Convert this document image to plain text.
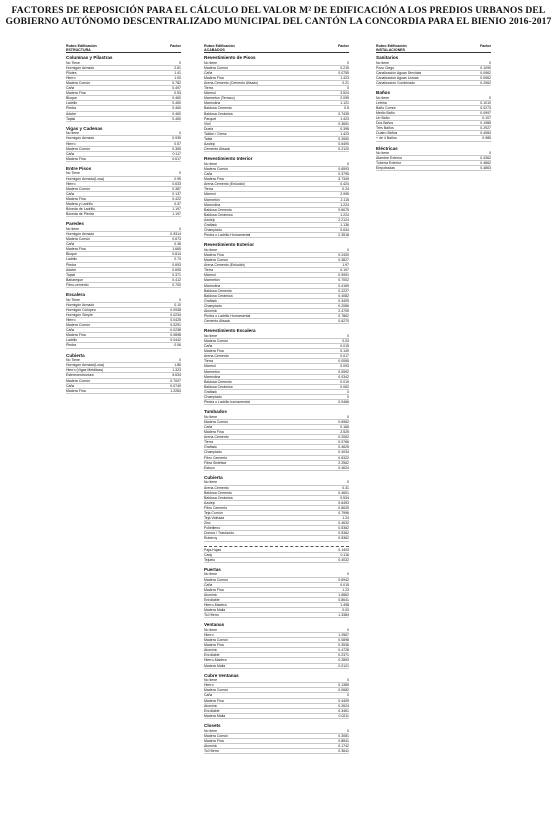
FACTORES DE REPOSICIÓN PARA EL CÁLCULO DEL VALOR M² DE EDIFICACIÓN A LOS PREDIOS URBANOS DEL GOBIERNO AUTÓNOMO DESCENTRALIZADO MUNICIPAL DEL CANTÓN LA CONCORDIA PARA EL BIENIO 2016-2017
Rubro Edificación
ESTRUCTURA
Factor
Columnas y Pilastras
No Tiene	0
Hormigón Armado	2.81
Pilotes	1.41
Hierro	1.00
Madera Común	0.782
Caña	0.497
Madera Fina	0.53
Bloque	0.460
Ladrillo	0.460
Piedra	0.460
Adobe	0.460
Tapial	0.460
Vigas y Cadenas
No tiene	0
Hormigón Armado	0.935
Hierro	0.57
Madera Común	0.369
Caña	0.117
Madera Fina	0.617
Entre Pisos
No Tiene	0
Hormigón Armado(Losa)	0.95
Hierro	0.633
Madera Común	0.387
Caña	0.137
Madera Fina	0.422
Madera y Ladrillo	0.37
Bóveda de Ladrillo	1.197
Bóveda de Piedra	1.197
Paredes
No tiene	0
Hormigón Armado	0.9314
Madera Común	0.673
Caña	0.36
Madera Fina	1.665
Bloque	0.814
Ladrillo	0.73
Piedra	0.693
Adobe	0.605
Tapial	0.371
Bahareque	0.412
Fibro-cemento	0.700
Escalera
No Tiene	0
Hormigón Armado	0.10
Hormigón Ciclópeo	0.0938
Hormigón Simple	0.0234
Hierro	0.0425
Madera Común	0.0291
Caña	0.0238
Madera Fina	0.0898
Ladrillo	0.0442
Piedra	0.06
Cubierta
No Tiene	0
Hormigón Armado(Losa)	1.86
Hierro (Vigas Metálicas)	1.323
Estereoestructura	5.634
Madera Común	0.7007
Caña	0.0749
Madera Fina	1.2284
Rubro Edificación
ACABADOS
Factor
Revestimiento de Pisos
No tiene	0
Madera Común	0.215
Caña	0.0755
Madera Fina	1.423
Arena-Cemento (Cemento Alisado)	0.21
Tierra	0
Mármol	3.524
Marmeton (Terrazo)	2.095
Marmolina	1.121
Baldosa Cemento	0.5
Baldosa Cerámica	0.7435
Parquet	1.423
Vinil	0.3651
Duela	0.398
Tablón / Gress	1.423
Tabla	0.2650
Azulejo	0.6490
Cemento Alisado	0.2120
Revestimiento Interior
No tiene	0
Madera Común	0.6593
Caña	0.3795
Madera Fina	3.7349
Arena-Cemento (Enlucido)	0.424
Tierra	0.24
Mármol	2.995
Marmetón	2.115
Marmolina	1.224
Baldosa Cemento	0.6675
Baldosa Cerámica	1.224
Azulejo	2.2124
Grafiado	1.136
Champiado	0.634
Piedra o Ladrillo Hornamental	2.3518
Revestimiento Exterior
No tiene	0
Madera Fina	0.2400
Madera Común	0.3827
Arena-Cemento (Enlucido)	1.97
Tierra	0.197
Mármol	0.9991
Marmetón	0.7002
Marmolina	0.4169
Baldosa Cemento	0.2227
Baldosa Cerámica	0.4082
Grafiado	0.3409
Champiado	0.2086
Aluminio	2.4705
Piedra o Ladrillo Hornamental	0.7862
Cemento Alisado	0.6270
Revestimiento Escalera
No tiene	0
Madera Común	0.03
Caña	0.015
Madera Fina	0.149
Arena-Cemento	0.017
Tierra	0.0065
Mármol	0.093
Marmetón	0.0592
Marmolina	0.0342
Baldosa Cemento	0.019
Baldosa Cerámica	0.062
Grafiado	0
Champiado	0
Piedra o Ladrillo hornamental	0.0466
Tumbados
No tiene	0
Madera Común	0.6962
Caña	0.166
Madera Fina	2.525
Arena-Cemento	0.2062
Tierra	0.0766
Grafiado	0.4625
Champiado	0.4034
Fibro Cemento	0.6322
Fibra Sintética	2.2562
Estuco	0.4624
Cubierta
No tiene	0
Arena-Cemento	0.31
Baldosa Cemento	0.4601
Baldosa Cerámica	0.534
Azulejo	0.6453
Fibro Cemento	0.6625
Teja Común	0.7996
Teja Vidriada	1.24
Zinc	0.4632
Polietileno	0.5362
Domos / Traslúcido	0.5362
Ruberoy	0.5362
Paja-Hojas	0.1403
Cady	0.116
Tejuelo	0.4032
Puertas
No tiene	0
Madera Común	0.6942
Caña	0.015
Madera Fina	1.23
Aluminio	1.6862
Enrollable	0.8641
Hierro-Madera	1.498
Madera Malla	0.03
Tol Hierro	1.3384
Ventanas
No tiene	0
Hierro	1.2567
Madera Común	0.0898
Madera Fina	0.3536
Aluminio	0.4728
Enrollable	0.2371
Hierro-Madera	0.2893
Madera Malla	0.0121
Cubre Ventanas
No tiene	0
Hierro	0.1389
Madera Común	0.0682
Caña	0
Madera Fina	0.4409
Aluminio	0.2624
Enrollable	0.3461
Madera Malla	0.0211
Closets
No tiene	0
Madera Común	0.3081
Madera Fina	0.8841
Aluminio	0.1742
Tol Hierro	0.3641
Rubro Edificación
INSTALACIONES
Factor
Sanitarios
No tiene	0
Pozo Ciego	0.1090
Canalización Aguas Servidas	0.0962
Canalización Aguas Lluvias	0.0962
Canalización Combinado	0.2962
Baños
No tiene	0
Letrina	0.1010
Baño Común	0.0273
Medio Baño	0.0997
Un Baño	0.107
Dos Baños	0.1985
Tres Baños	0.2927
Cuatro Baños	0.4084
+ de 4 Baños	0.985
Eléctricas
No tiene	0
Alambre Exterior	0.4362
Tubería Exterior	0.4862
Empotradas	0.4863
